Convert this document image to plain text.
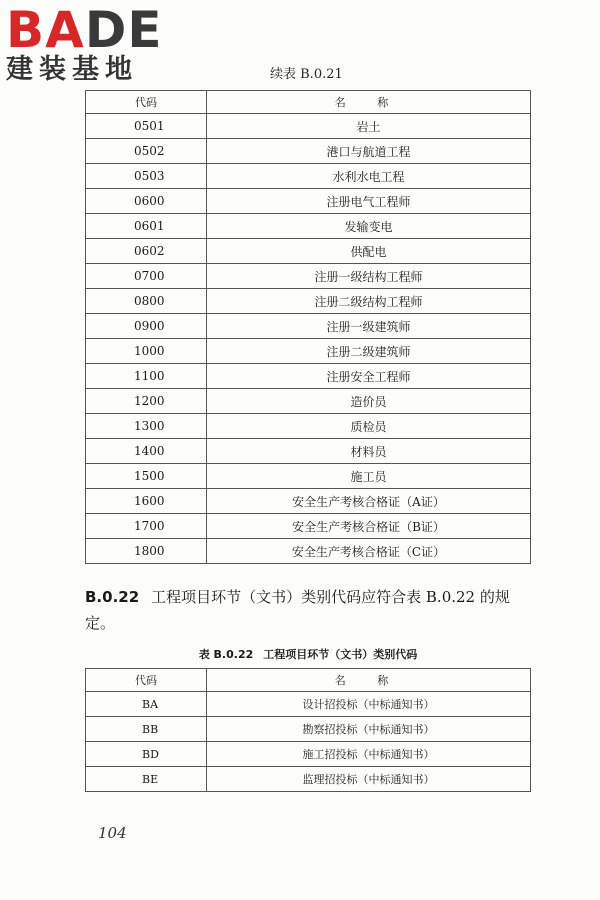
BADE
建装基地	续表 B.0.21
代码	名 称
0501	岩土
0502	港口与航道工程
0503	水利水电工程
0600	注册电气工程师
0601	发输变电
0602	供配电
0700	注册一级结构工程师
0800	注册二级结构工程师
0900	注册一级建筑师
1000	注册二级建筑师
1100	注册安全工程师
1200	造价员
1300	质检员
1400	材料员
1500	施工员
1600	安全生产考核合格证（A证）
1700	安全生产考核合格证（B证）
1800	安全生产考核合格证（C证）
B.0.22 工程项目环节（文书）类别代码应符合表 B.0.22 的规定。
表 B.0.22 工程项目环节（文书）类别代码
代码	名 称
BA	设计招投标（中标通知书）
BB	勘察招投标（中标通知书）
BD	施工招投标（中标通知书）
BE	监理招投标（中标通知书）
104
